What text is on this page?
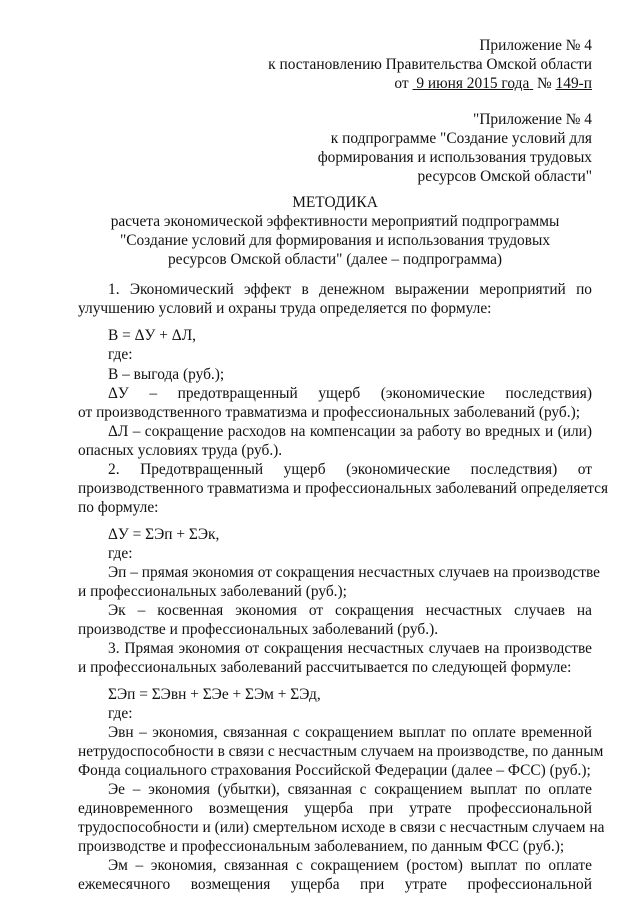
Приложение № 4
к постановлению Правительства Омской области
от 9 июня 2015 года № 149-п
"Приложение № 4
к подпрограмме "Создание условий для
формирования и использования трудовых
ресурсов Омской области"
МЕТОДИКА
расчета экономической эффективности мероприятий подпрограммы
"Создание условий для формирования и использования трудовых
ресурсов Омской области" (далее – подпрограмма)
1. Экономический эффект в денежном выражении мероприятий по
улучшению условий и охраны труда определяется по формуле:
В = ΔУ + ΔЛ,
где:
В – выгода (руб.);
ΔУ – предотвращенный ущерб (экономические последствия)
от производственного травматизма и профессиональных заболеваний (руб.);
ΔЛ – сокращение расходов на компенсации за работу во вредных и (или)
опасных условиях труда (руб.).
2. Предотвращенный ущерб (экономические последствия) от
производственного травматизма и профессиональных заболеваний определяется
по формуле:
ΔУ = ΣЭп + ΣЭк,
где:
Эп – прямая экономия от сокращения несчастных случаев на производстве
и профессиональных заболеваний (руб.);
Эк – косвенная экономия от сокращения несчастных случаев на
производстве и профессиональных заболеваний (руб.).
3. Прямая экономия от сокращения несчастных случаев на производстве
и профессиональных заболеваний рассчитывается по следующей формуле:
ΣЭп = ΣЭвн + ΣЭе + ΣЭм + ΣЭд,
где:
Эвн – экономия, связанная с сокращением выплат по оплате временной
нетрудоспособности в связи с несчастным случаем на производстве, по данным
Фонда социального страхования Российской Федерации (далее – ФСС) (руб.);
Эе – экономия (убытки), связанная с сокращением выплат по оплате
единовременного возмещения ущерба при утрате профессиональной
трудоспособности и (или) смертельном исходе в связи с несчастным случаем на
производстве и профессиональным заболеванием, по данным ФСС (руб.);
Эм – экономия, связанная с сокращением (ростом) выплат по оплате
ежемесячного возмещения ущерба при утрате профессиональной
